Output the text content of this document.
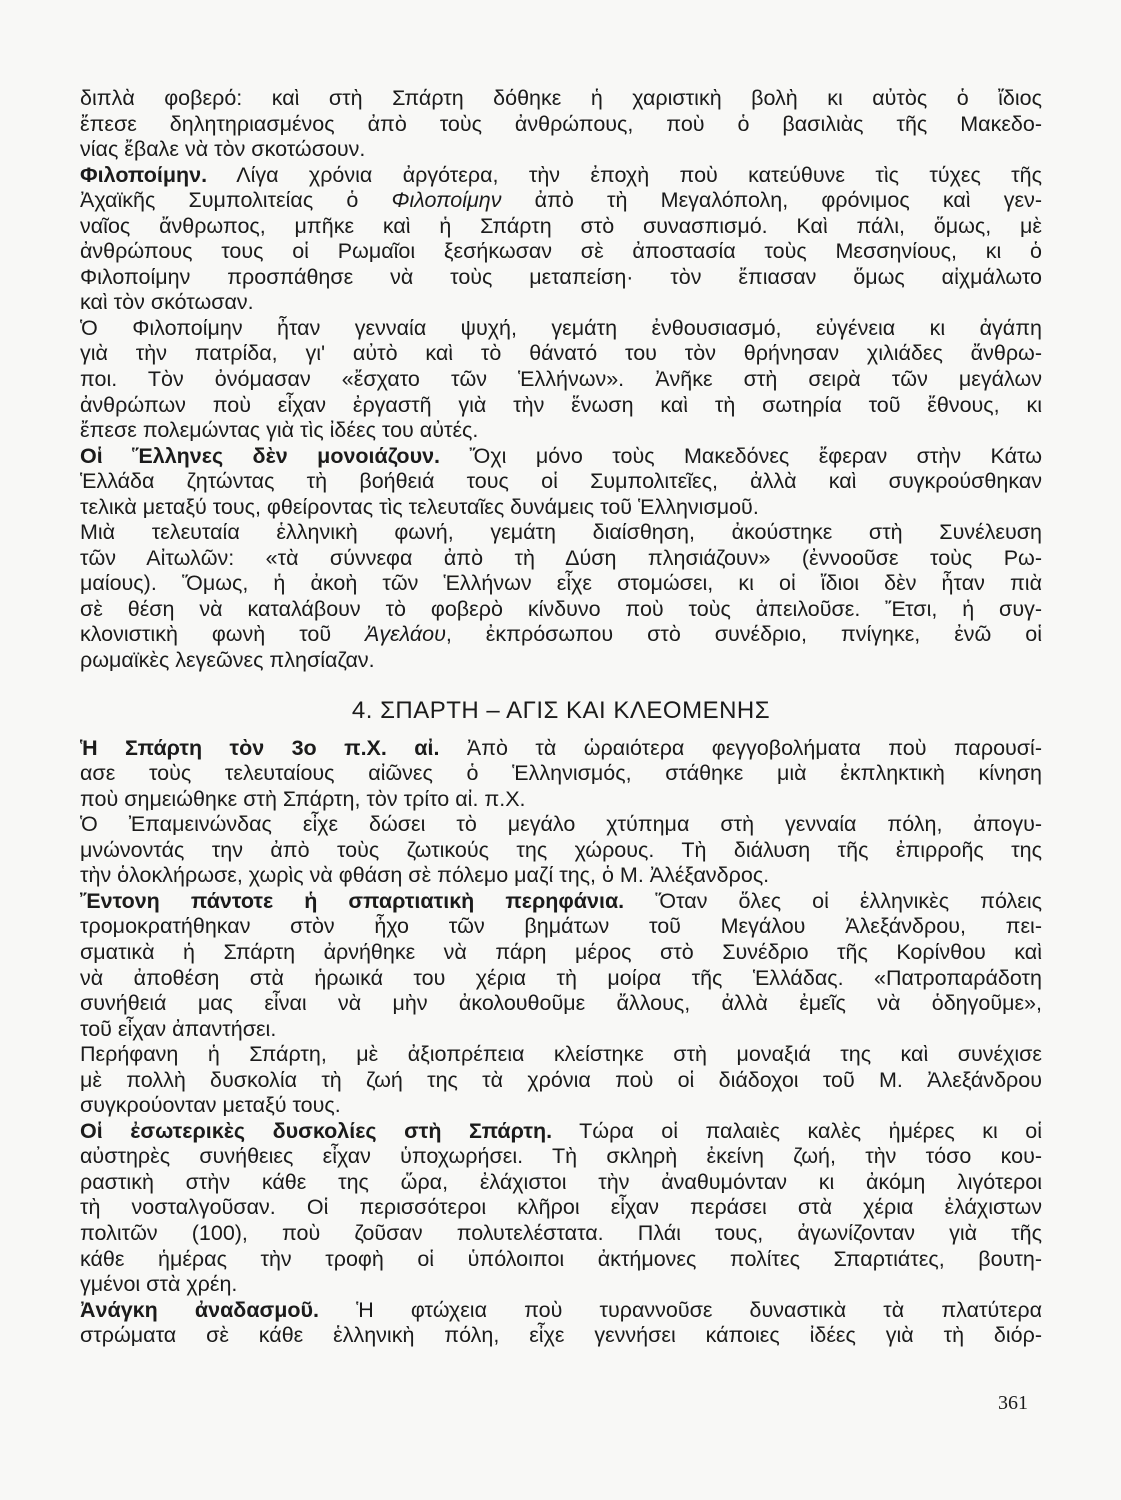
διπλὰ φοβερό: καὶ στὴ Σπάρτη δόθηκε ἡ χαριστικὴ βολὴ κι αὐτὸς ὁ ἴδιος
ἔπεσε δηλητηριασμένος ἀπὸ τοὺς ἀνθρώπους, ποὺ ὁ βασιλιὰς τῆς Μακεδο-
νίας ἔβαλε νὰ τὸν σκοτώσουν.
Φιλοποίμην. Λίγα χρόνια ἀργότερα, τὴν ἐποχὴ ποὺ κατεύθυνε τὶς τύχες τῆς
Ἀχαϊκῆς Συμπολιτείας ὁ Φιλοποίμην ἀπὸ τὴ Μεγαλόπολη, φρόνιμος καὶ γεν-
ναῖος ἄνθρωπος, μπῆκε καὶ ἡ Σπάρτη στὸ συνασπισμό. Καὶ πάλι, ὅμως, μὲ
ἀνθρώπους τους οἱ Ρωμαῖοι ξεσήκωσαν σὲ ἀποστασία τοὺς Μεσσηνίους, κι ὁ
Φιλοποίμην προσπάθησε νὰ τοὺς μεταπείση· τὸν ἔπιασαν ὅμως αἰχμάλωτο
καὶ τὸν σκότωσαν.
Ὁ Φιλοποίμην ἦταν γενναία ψυχή, γεμάτη ἐνθουσιασμό, εὐγένεια κι ἀγάπη
γιὰ τὴν πατρίδα, γι' αὐτὸ καὶ τὸ θάνατό του τὸν θρήνησαν χιλιάδες ἄνθρω-
ποι. Τὸν ὀνόμασαν «ἔσχατο τῶν Ἑλλήνων». Ἀνῆκε στὴ σειρὰ τῶν μεγάλων
ἀνθρώπων ποὺ εἶχαν ἐργαστῆ γιὰ τὴν ἕνωση καὶ τὴ σωτηρία τοῦ ἔθνους, κι
ἔπεσε πολεμώντας γιὰ τὶς ἰδέες του αὐτές.
Οἱ Ἕλληνες δὲν μονοιάζουν. Ὄχι μόνο τοὺς Μακεδόνες ἔφεραν στὴν Κάτω
Ἑλλάδα ζητώντας τὴ βοήθειά τους οἱ Συμπολιτεῖες, ἀλλὰ καὶ συγκρούσθηκαν
τελικὰ μεταξύ τους, φθείροντας τὶς τελευταῖες δυνάμεις τοῦ Ἑλληνισμοῦ.
Μιὰ τελευταία ἑλληνικὴ φωνή, γεμάτη διαίσθηση, ἀκούστηκε στὴ Συνέλευση
τῶν Αἰτωλῶν: «τὰ σύννεφα ἀπὸ τὴ Δύση πλησιάζουν» (ἐννοοῦσε τοὺς Ρω-
μαίους). Ὅμως, ἡ ἀκοὴ τῶν Ἑλλήνων εἶχε στομώσει, κι οἱ ἴδιοι δὲν ἦταν πιὰ
σὲ θέση νὰ καταλάβουν τὸ φοβερὸ κίνδυνο ποὺ τοὺς ἀπειλοῦσε. Ἔτσι, ἡ συγ-
κλονιστικὴ φωνὴ τοῦ Ἀγελάου, ἐκπρόσωπου στὸ συνέδριο, πνίγηκε, ἐνῶ οἱ
ρωμαϊκὲς λεγεῶνες πλησίαζαν.
4. ΣΠΑΡΤΗ – ΑΓΙΣ ΚΑΙ ΚΛΕΟΜΕΝΗΣ
Ἡ Σπάρτη τὸν 3ο π.Χ. αἰ. Ἀπὸ τὰ ὡραιότερα φεγγοβολήματα ποὺ παρουσί-
ασε τοὺς τελευταίους αἰῶνες ὁ Ἑλληνισμός, στάθηκε μιὰ ἐκπληκτικὴ κίνηση
ποὺ σημειώθηκε στὴ Σπάρτη, τὸν τρίτο αἰ. π.Χ.
Ὁ Ἐπαμεινώνδας εἶχε δώσει τὸ μεγάλο χτύπημα στὴ γενναία πόλη, ἀπογυ-
μνώνοντάς την ἀπὸ τοὺς ζωτικούς της χώρους. Τὴ διάλυση τῆς ἐπιρροῆς της
τὴν ὁλοκλήρωσε, χωρὶς νὰ φθάση σὲ πόλεμο μαζί της, ὁ Μ. Ἀλέξανδρος.
Ἔντονη πάντοτε ἡ σπαρτιατικὴ περηφάνια. Ὅταν ὅλες οἱ ἑλληνικὲς πόλεις
τρομοκρατήθηκαν στὸν ἦχο τῶν βημάτων τοῦ Μεγάλου Ἀλεξάνδρου, πει-
σματικὰ ἡ Σπάρτη ἀρνήθηκε νὰ πάρη μέρος στὸ Συνέδριο τῆς Κορίνθου καὶ
νὰ ἀποθέση στὰ ἡρωικά του χέρια τὴ μοίρα τῆς Ἑλλάδας. «Πατροπαράδοτη
συνήθειά μας εἶναι νὰ μὴν ἀκολουθοῦμε ἄλλους, ἀλλὰ ἐμεῖς νὰ ὁδηγοῦμε»,
τοῦ εἶχαν ἀπαντήσει.
Περήφανη ἡ Σπάρτη, μὲ ἀξιοπρέπεια κλείστηκε στὴ μοναξιά της καὶ συνέχισε
μὲ πολλὴ δυσκολία τὴ ζωή της τὰ χρόνια ποὺ οἱ διάδοχοι τοῦ Μ. Ἀλεξάνδρου
συγκρούονταν μεταξύ τους.
Οἱ ἐσωτερικὲς δυσκολίες στὴ Σπάρτη. Τώρα οἱ παλαιὲς καλὲς ἡμέρες κι οἱ
αὐστηρὲς συνήθειες εἶχαν ὑποχωρήσει. Τὴ σκληρὴ ἐκείνη ζωή, τὴν τόσο κου-
ραστικὴ στὴν κάθε της ὥρα, ἐλάχιστοι τὴν ἀναθυμόνταν κι ἀκόμη λιγότεροι
τὴ νοσταλγοῦσαν. Οἱ περισσότεροι κλῆροι εἶχαν περάσει στὰ χέρια ἐλάχιστων
πολιτῶν (100), ποὺ ζοῦσαν πολυτελέστατα. Πλάι τους, ἀγωνίζονταν γιὰ τῆς
κάθε ἡμέρας τὴν τροφὴ οἱ ὑπόλοιποι ἀκτήμονες πολίτες Σπαρτιάτες, βουτη-
γμένοι στὰ χρέη.
Ἀνάγκη ἀναδασμοῦ. Ἡ φτώχεια ποὺ τυραννοῦσε δυναστικὰ τὰ πλατύτερα
στρώματα σὲ κάθε ἑλληνικὴ πόλη, εἶχε γεννήσει κάποιες ἰδέες γιὰ τὴ διόρ-
361
